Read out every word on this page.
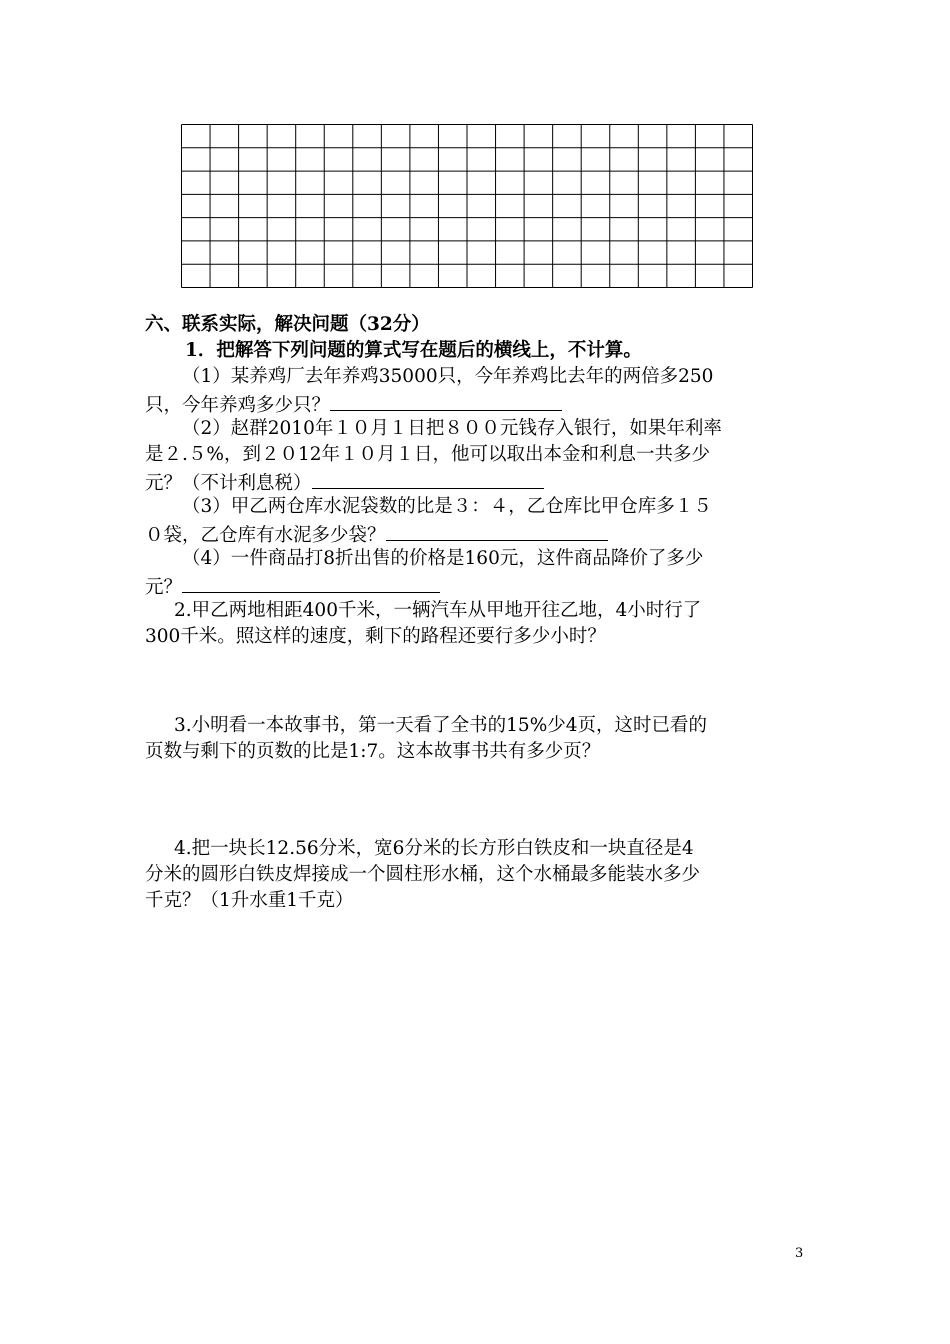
六、联系实际，解决问题（32分）
1．把解答下列问题的算式写在题后的横线上，不计算。
（1）某养鸡厂去年养鸡35000只，今年养鸡比去年的两倍多250
只，今年养鸡多少只？
（2）赵群2010年１０月１日把８００元钱存入银行，如果年利率
是２.５%，到２０12年１０月１日，他可以取出本金和利息一共多少
元？（不计利息税）
（3）甲乙两仓库水泥袋数的比是３：４，乙仓库比甲仓库多１５
０袋，乙仓库有水泥多少袋？
（4）一件商品打8折出售的价格是160元，这件商品降价了多少
元？
2.甲乙两地相距400千米，一辆汽车从甲地开往乙地，4小时行了
300千米。照这样的速度，剩下的路程还要行多少小时？
3.小明看一本故事书，第一天看了全书的15%少4页，这时已看的
页数与剩下的页数的比是1:7。这本故事书共有多少页？
4.把一块长12.56分米，宽6分米的长方形白铁皮和一块直径是4
分米的圆形白铁皮焊接成一个圆柱形水桶，这个水桶最多能装水多少
千克？（1升水重1千克）
3
